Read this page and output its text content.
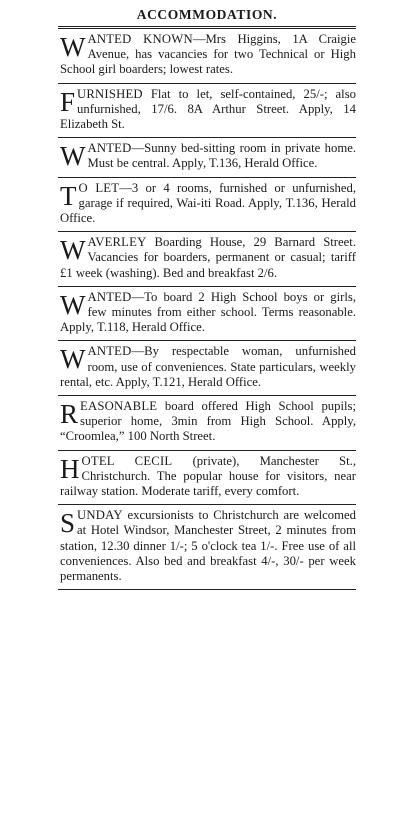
ACCOMMODATION.

WANTED KNOWN—Mrs Higgins, 1A Craigie Avenue, has vacancies for two Technical or High School girl boarders; lowest rates.

FURNISHED Flat to let, self-contained, 25/-; also unfurnished, 17/6. 8A Arthur Street. Apply, 14 Elizabeth St.

WANTED—Sunny bed-sitting room in private home. Must be central. Apply, T.136, Herald Office.

T O LET—3 or 4 rooms, furnished or unfurnished, garage if required, Wai-iti Road. Apply, T.136, Herald Office.

WAVERLEY Boarding House, 29 Barnard Street. Vacancies for boarders, permanent or casual; tariff £1 week (washing). Bed and breakfast 2/6.

WANTED—To board 2 High School boys or girls, few minutes from either school. Terms reasonable. Apply, T.118, Herald Office.

WANTED—By respectable woman, unfurnished room, use of conveniences. State particulars, weekly rental, etc. Apply, T.121, Herald Office.

REASONABLE board offered High School pupils; superior home, 3min from High School. Apply, “Croomlea,” 100 North Street.

HOTEL CECIL (private), Manchester St., Christchurch. The popular house for visitors, near railway station. Moderate tariff, every comfort.

SUNDAY excursionists to Christchurch are welcomed at Hotel Windsor, Manchester Street, 2 minutes from station, 12.30 dinner 1/-; 5 o'clock tea 1/-. Free use of all conveniences. Also bed and breakfast 4/-, 30/- per week permanents.
